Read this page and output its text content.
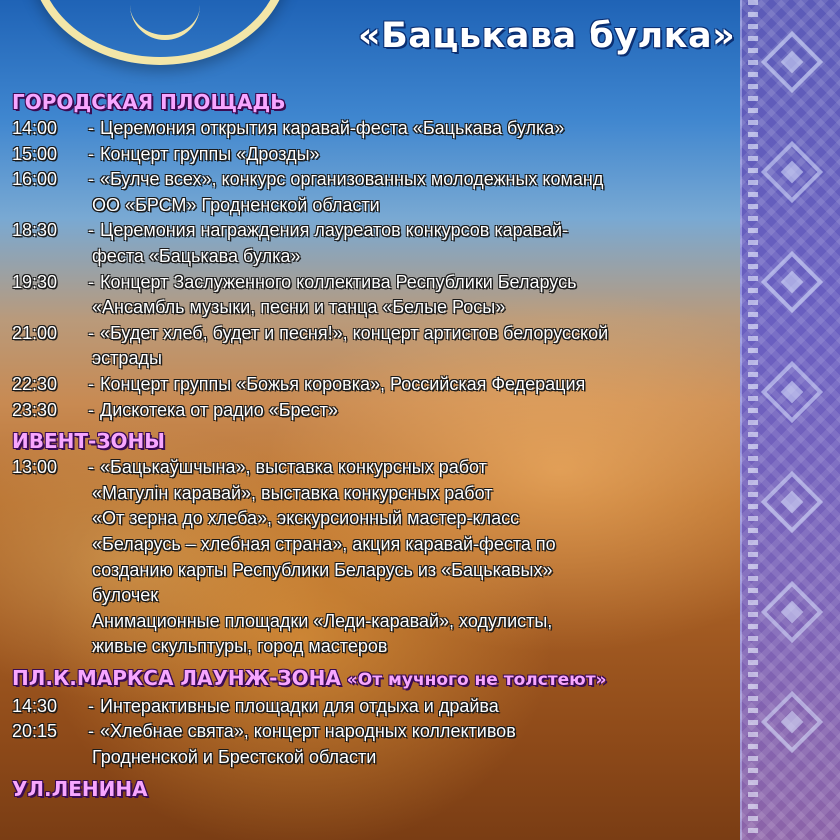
«Бацькава булка»
ГОРОДСКАЯ ПЛОЩАДЬ
14:00	- Церемония открытия каравай-феста «Бацькава булка»
15:00	- Концерт группы «Дрозды»
16:00	- «Булче всех», конкурс организованных молодежных команд
ОО «БРСМ» Гродненской области
18:30	- Церемония награждения лауреатов конкурсов каравай-
феста «Бацькава булка»
19:30	- Концерт Заслуженного коллектива Республики Беларусь
«Ансамбль музыки, песни и танца «Белые Росы»
21:00	- «Будет хлеб, будет и песня!», концерт артистов белорусской
эстрады
22:30	- Концерт группы «Божья коровка», Российская Федерация
23:30	- Дискотека от радио «Брест»
ИВЕНТ-ЗОНЫ
13:00	- «Бацькаўшчына», выставка конкурсных работ
«Матулін каравай», выставка конкурсных работ
«От зерна до хлеба», экскурсионный мастер-класс
«Беларусь – хлебная страна», акция каравай-феста по
созданию карты Республики Беларусь из «Бацькавых»
булочек
Анимационные площадки «Леди-каравай», ходулисты,
живые скульптуры, город мастеров
ПЛ.К.МАРКСА ЛАУНЖ-ЗОНА «От мучного не толстеют»
14:30	- Интерактивные площадки для отдыха и драйва
20:15	- «Хлебнае свята», концерт народных коллективов
Гродненской и Брестской области
УЛ.ЛЕНИНА
